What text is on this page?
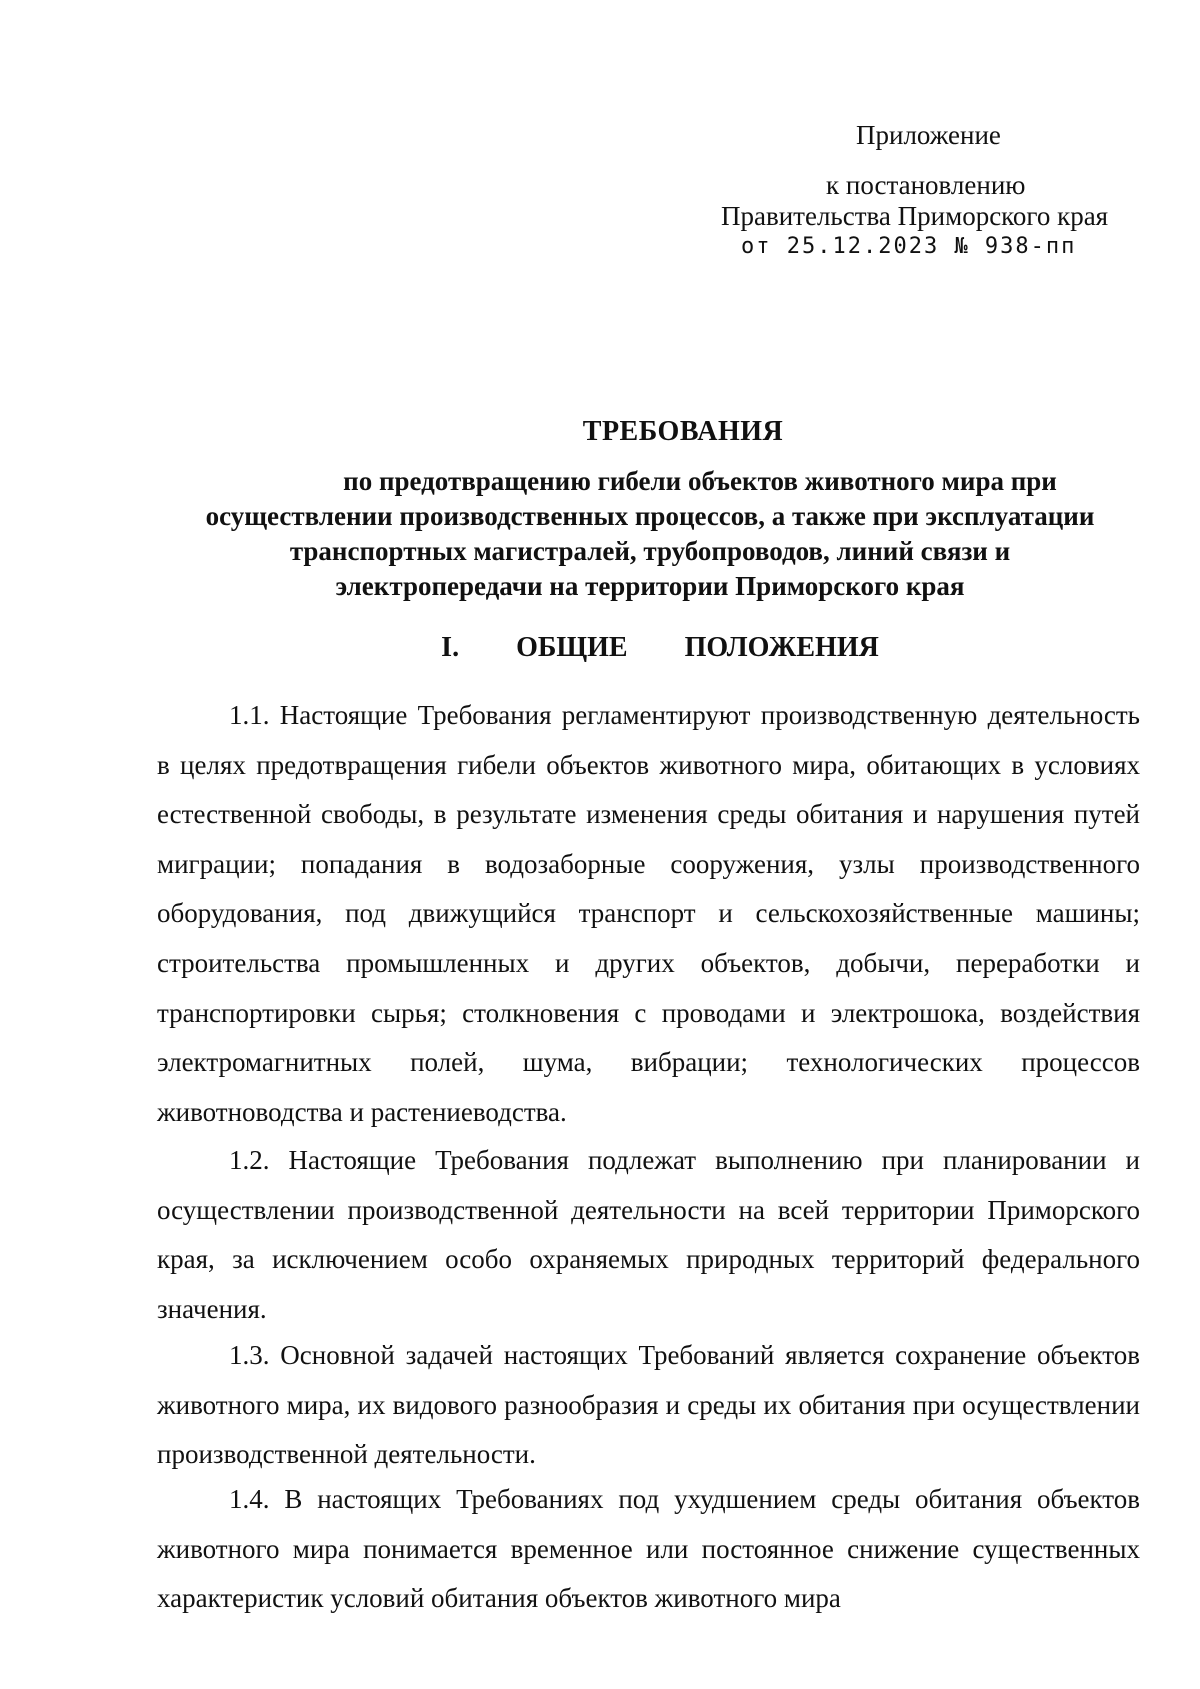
Приложение
к постановлению
Правительства Приморского края
от 25.12.2023 № 938-пп
ТРЕБОВАНИЯ
по предотвращению гибели объектов животного мира при
осуществлении производственных процессов, а также при эксплуатации
транспортных магистралей, трубопроводов, линий связи и
электропередачи на территории Приморского края
I. ОБЩИЕ ПОЛОЖЕНИЯ
1.1. Настоящие Требования регламентируют производственную деятельность в целях предотвращения гибели объектов животного мира, обитающих в условиях естественной свободы, в результате изменения среды обитания и нарушения путей миграции; попадания в водозаборные сооружения, узлы производственного оборудования, под движущийся транспорт и сельскохозяйственные машины; строительства промышленных и других объектов, добычи, переработки и транспортировки сырья; столкновения с проводами и электрошока, воздействия электромагнитных полей, шума, вибрации; технологических процессов животноводства и растениеводства.
1.2. Настоящие Требования подлежат выполнению при планировании и осуществлении производственной деятельности на всей территории Приморского края, за исключением особо охраняемых природных территорий федерального значения.
1.3. Основной задачей настоящих Требований является сохранение объектов животного мира, их видового разнообразия и среды их обитания при осуществлении производственной деятельности.
1.4. В настоящих Требованиях под ухудшением среды обитания объектов животного мира понимается временное или постоянное снижение существенных характеристик условий обитания объектов животного мира
